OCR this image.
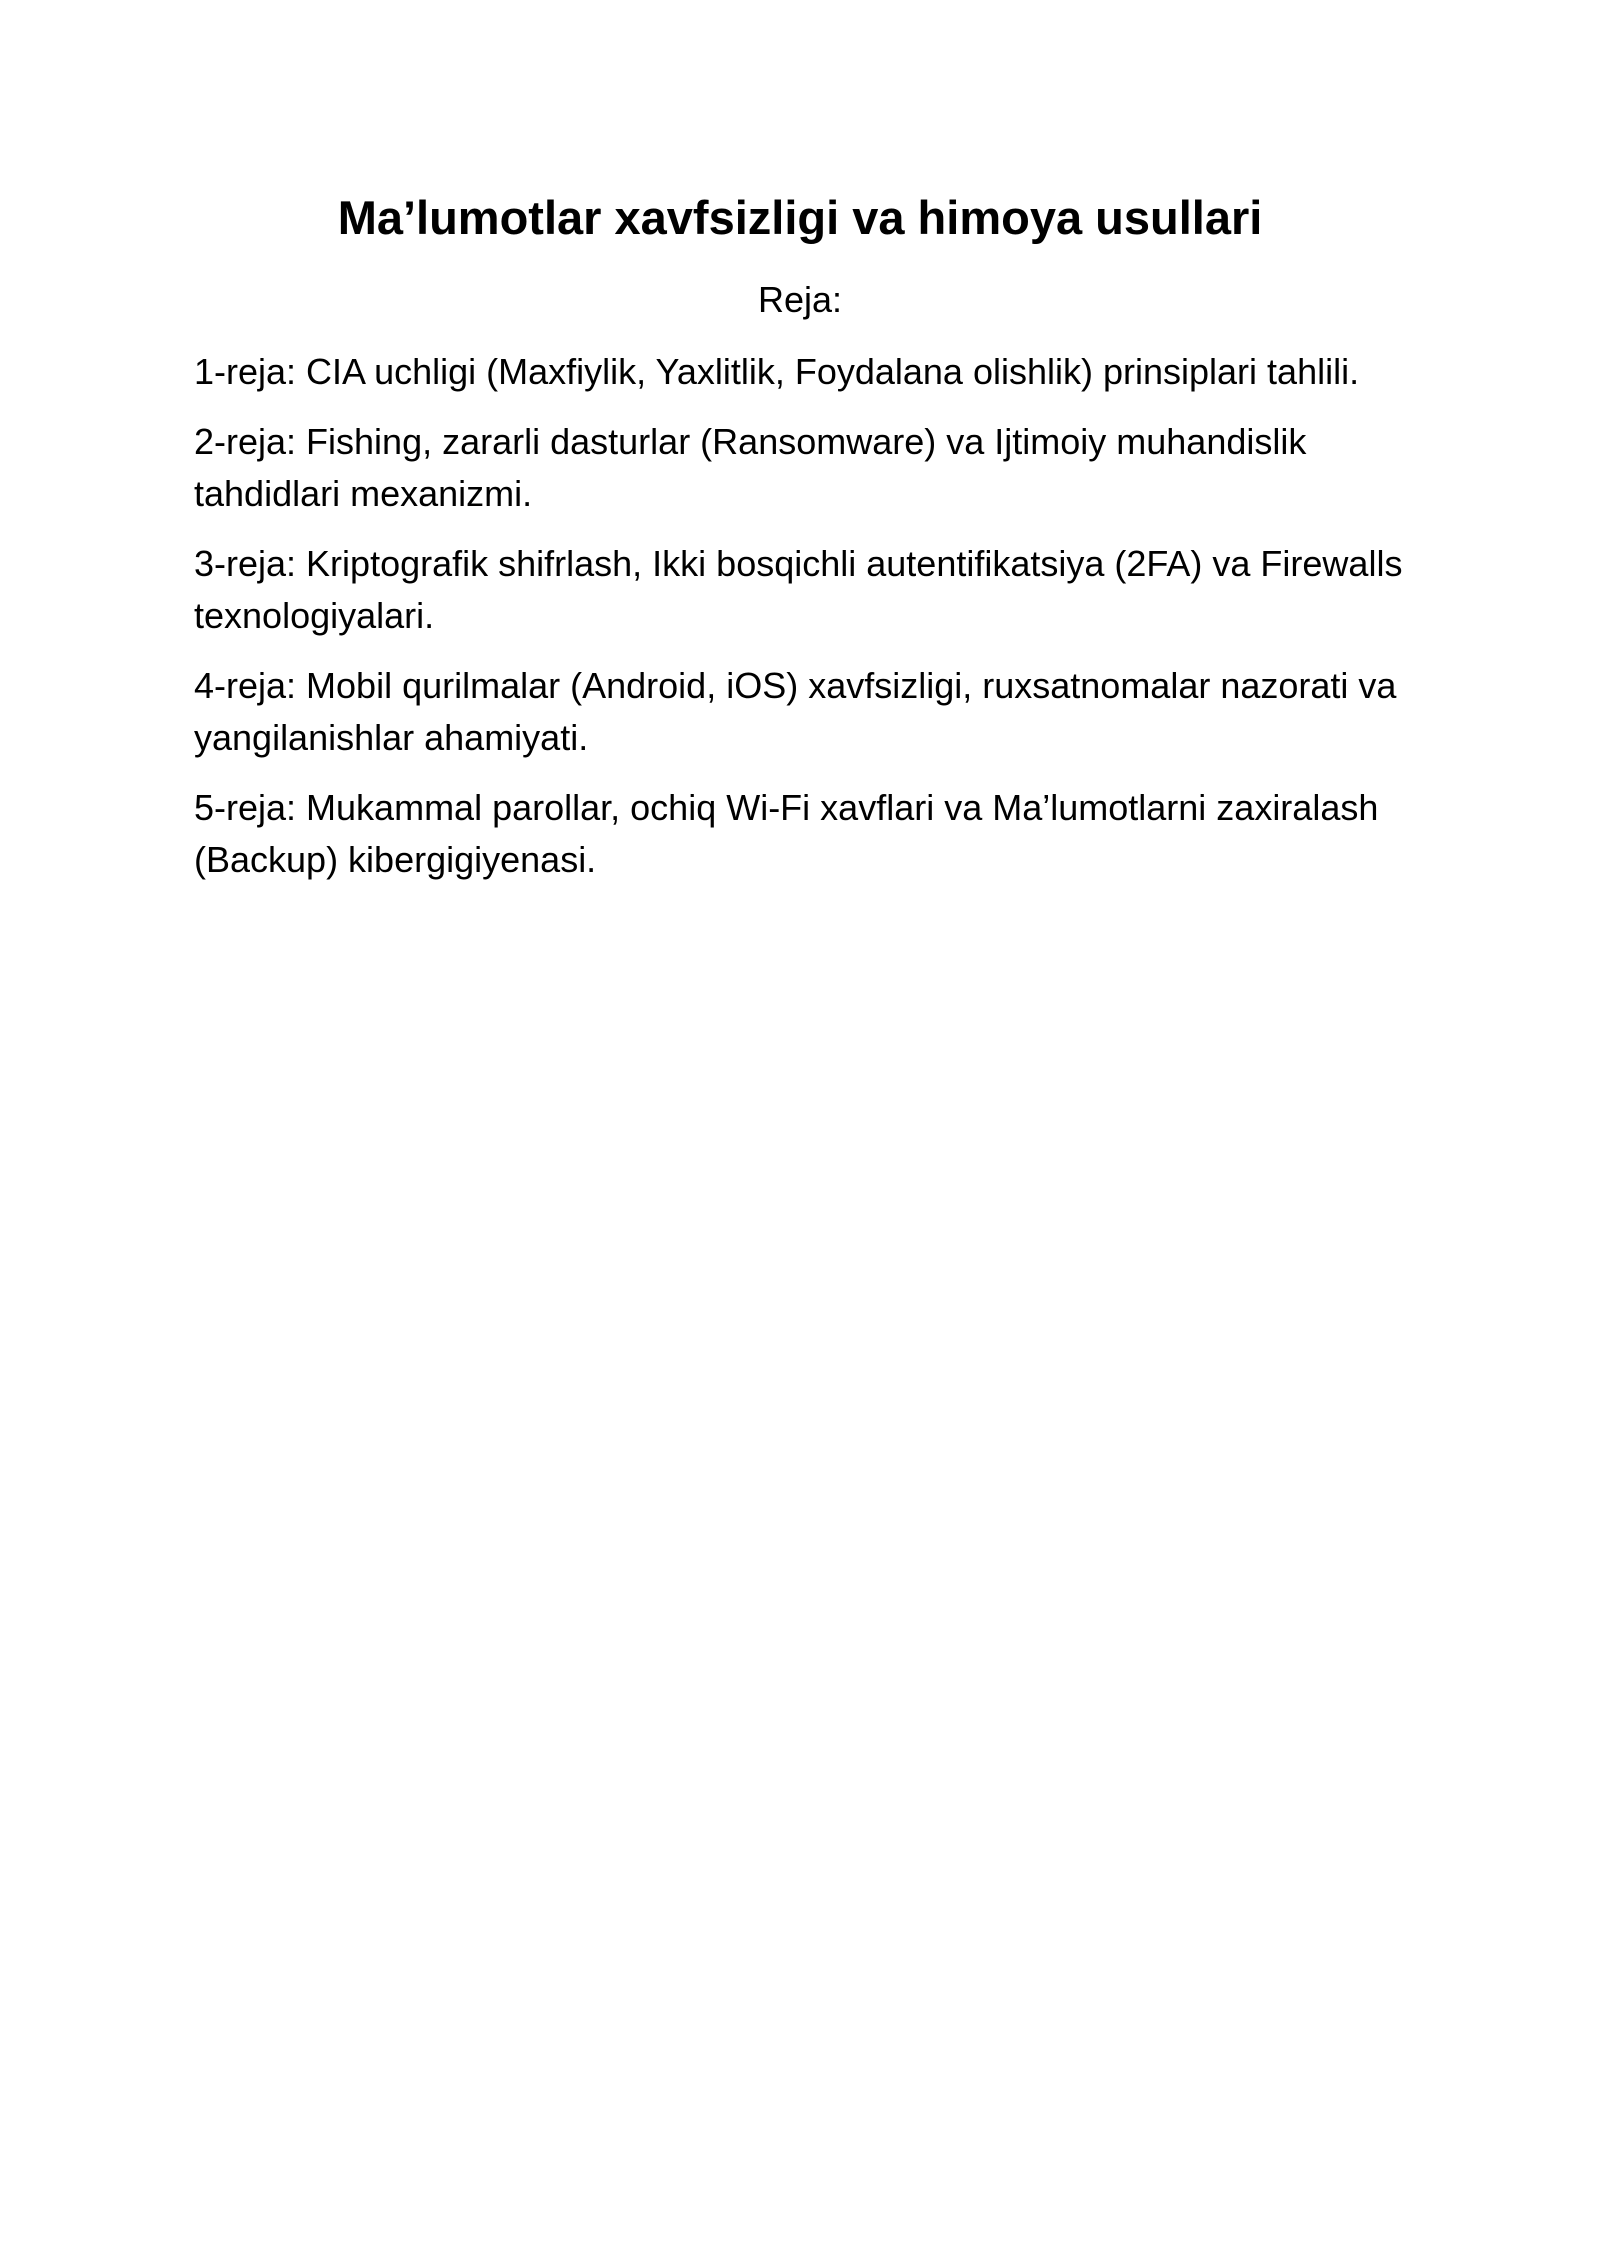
Ma’lumotlar xavfsizligi va himoya usullari

Reja:

1-reja: CIA uchligi (Maxfiylik, Yaxlitlik, Foydalana olishlik) prinsiplari tahlili.
2-reja: Fishing, zararli dasturlar (Ransomware) va Ijtimoiy muhandislik tahdidlari mexanizmi.
3-reja: Kriptografik shifrlash, Ikki bosqichli autentifikatsiya (2FA) va Firewalls texnologiyalari.
4-reja: Mobil qurilmalar (Android, iOS) xavfsizligi, ruxsatnomalar nazorati va yangilanishlar ahamiyati.
5-reja: Mukammal parollar, ochiq Wi-Fi xavflari va Ma’lumotlarni zaxiralash (Backup) kibergigiyenasi.
